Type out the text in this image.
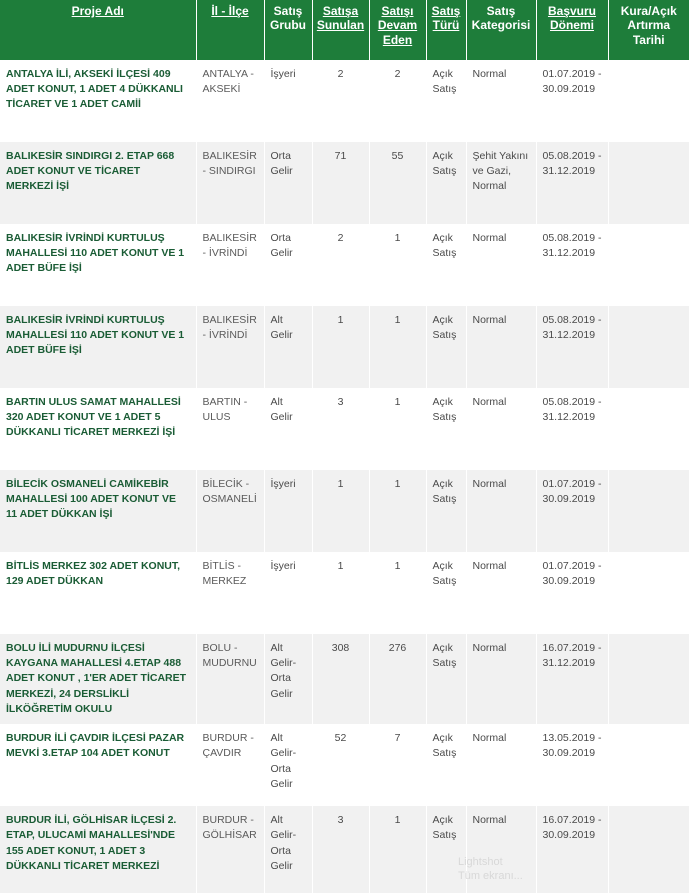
Proje Adı	İl - İlçe	Satış Grubu	Satışa Sunulan	Satışı Devam Eden	Satış Türü	Satış Kategorisi	Başvuru Dönemi	Kura/Açık Artırma Tarihi
ANTALYA İLİ, AKSEKİ İLÇESİ 409 ADET KONUT, 1 ADET 4 DÜKKANLI TİCARET VE 1 ADET CAMİİ	ANTALYA - AKSEKİ	İşyeri	2	2	Açık Satış	Normal	01.07.2019 - 30.09.2019	
BALIKESİR SINDIRGI 2. ETAP 668 ADET KONUT VE TİCARET MERKEZİ İŞİ	BALIKESİR - SINDIRGI	Orta Gelir	71	55	Açık Satış	Şehit Yakını ve Gazi, Normal	05.08.2019 - 31.12.2019	
BALIKESİR İVRİNDİ KURTULUŞ MAHALLESİ 110 ADET KONUT VE 1 ADET BÜFE İŞİ	BALIKESİR - İVRİNDİ	Orta Gelir	2	1	Açık Satış	Normal	05.08.2019 - 31.12.2019	
BALIKESİR İVRİNDİ KURTULUŞ MAHALLESİ 110 ADET KONUT VE 1 ADET BÜFE İŞİ	BALIKESİR - İVRİNDİ	Alt Gelir	1	1	Açık Satış	Normal	05.08.2019 - 31.12.2019	
BARTIN ULUS SAMAT MAHALLESİ 320 ADET KONUT VE 1 ADET 5 DÜKKANLI TİCARET MERKEZİ İŞİ	BARTIN - ULUS	Alt Gelir	3	1	Açık Satış	Normal	05.08.2019 - 31.12.2019	
BİLECİK OSMANELİ CAMİKEBİR MAHALLESİ 100 ADET KONUT VE 11 ADET DÜKKAN İŞİ	BİLECİK - OSMANELİ	İşyeri	1	1	Açık Satış	Normal	01.07.2019 - 30.09.2019	
BİTLİS MERKEZ 302 ADET KONUT, 129 ADET DÜKKAN	BİTLİS - MERKEZ	İşyeri	1	1	Açık Satış	Normal	01.07.2019 - 30.09.2019	
BOLU İLİ MUDURNU İLÇESİ KAYGANA MAHALLESİ 4.ETAP 488 ADET KONUT , 1'ER ADET TİCARET MERKEZİ, 24 DERSLİKLİ İLKÖĞRETİM OKULU	BOLU - MUDURNU	Alt Gelir-Orta Gelir	308	276	Açık Satış	Normal	16.07.2019 - 31.12.2019	
BURDUR İLİ ÇAVDIR İLÇESİ PAZAR MEVKİ 3.ETAP 104 ADET KONUT	BURDUR - ÇAVDIR	Alt Gelir-Orta Gelir	52	7	Açık Satış	Normal	13.05.2019 - 30.09.2019	
BURDUR İLİ, GÖLHİSAR İLÇESİ 2. ETAP, ULUCAMİ MAHALLESİ'NDE 155 ADET KONUT, 1 ADET 3 DÜKKANLI TİCARET MERKEZİ	BURDUR - GÖLHİSAR	Alt Gelir-Orta Gelir	3	1	Açık Satış	Normal	16.07.2019 - 30.09.2019	
Lightshot
Tüm ekranı...
